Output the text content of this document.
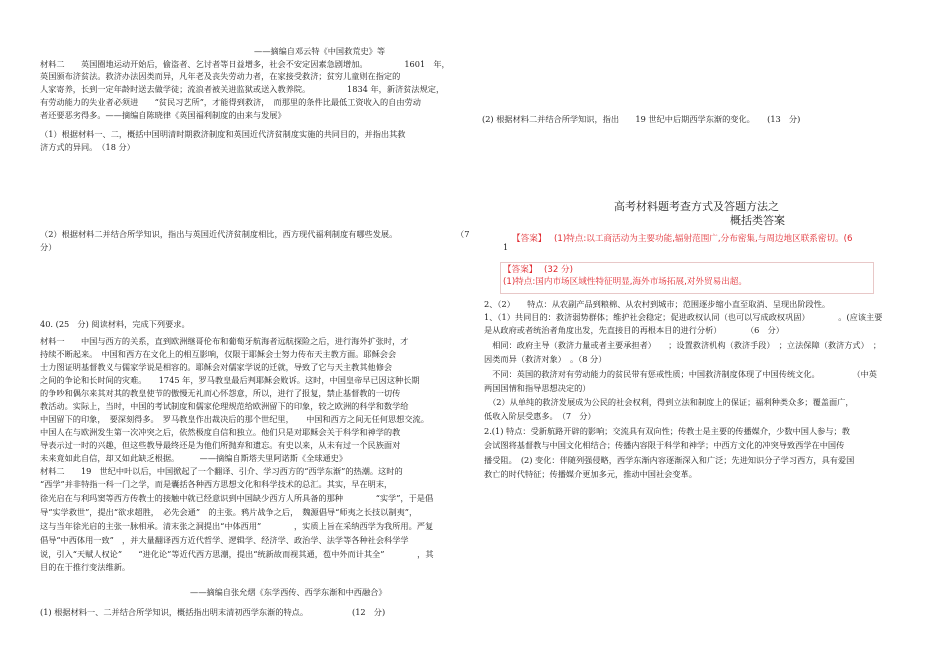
——摘编自邓云特《中国救荒史》等
材料二　　英国圈地运动开始后，偷盗者、乞讨者等日益增多，社会不安定因素急剧增加。　　　　　1601　年，
英国颁布济贫法。救济办法因类而异，凡年老及丧失劳动力者，在家接受救济；贫穷儿童则在指定的
人家寄养，长到一定年龄时送去做学徒；流浪者被关进监狱或送入教养院。　　　　　1834 年，新济贫法规定，
有劳动能力的失业者必须进　　“贫民习艺所”，才能得到救济，　而那里的条件比最低工资收入的自由劳动
者还要恶劣得多。——摘编自陈晓律《英国福利制度的由来与发展》
（1）根据材料一、二，概括中国明清时期救济制度和英国近代济贫制度实施的共同目的，并指出其救
济方式的异同。　（18 分）
（2）根据材料二并结合所学知识，指出与英国近代济贫制度相比，西方现代福利制度有哪些发展。	（7
分）
40. (25　分) 阅读材料，完成下列要求。
材料一　　中国与西方的关系，直到欧洲继哥伦布和葡萄牙航海者远航探险之后，进行海外扩张时，才
持续不断起来。　中国和西方在文化上的相互影响，仅限于耶稣会士努力传布天主教方面。耶稣会会
士力图证明基督教义与儒家学说是相容的。耶稣会对儒家学说的迁就，导致了它与天主教其他修会
之间的争论和长时间的灾难。　　1745 年，罗马教皇最后判耶稣会败诉。这时，中国皇帝早已因这种长期
的争吵和偶尔来其对其的教皇使节的傲慢无礼而心怀怨意，所以，进行了报复，禁止基督教的一切传
教活动。实际上，当时，中国的考试制度和儒家伦理规范给欧洲留下的印象，较之欧洲的科学和数学给
中国留下的印象，　要深刻得多。　罗马教皇作出裁决后的那个世纪里，　　中国和西方之间无任何思想交流。
中国人在与欧洲发生第一次冲突之后，依然极度自信和独立。他们只是对耶稣会关于科学和神学的教
导表示过一时的兴趣，但这些教导最终还是为他们所抛弃和遗忘。有史以来，从未有过一个民族面对
未来竟如此自信，却又如此缺乏根据。　　　——摘编自斯塔夫里阿诺斯《全球通史》
材料二　　19　世纪中叶以后，中国掀起了一个翻译、引介、学习西方的“西学东渐”的热潮。这时的
“西学”并非特指一科一门之学，而是囊括各种西方思想文化和科学技术的总汇。其实，早在明末，
徐光启在与利玛窦等西方传教士的接触中就已经意识到中国缺少西方人所具备的那种　　　　“实学”，于是倡
导“实学救世”，提出“欲求超胜，　必先会通”　的主张。鸦片战争之后，　魏源倡导“师夷之长技以制夷”，
这与当年徐光启的主张一脉相承。清末张之洞提出“中体西用”　　　　，实质上旨在采纳西学为我所用。严复
倡导“中西体用一致”　，并大量翻译西方近代哲学、逻辑学、经济学、政治学、法学等各种社会科学学
说，引入“天赋人权论”　　“进化论”等近代西方思潮，提出“统新故而视其通，苞中外而计其全”　　　　，其
目的在于推行变法维新。
——摘编自张允熠《东学西传、西学东渐和中西融合》
(1) 根据材料一、二并结合所学知识，概括指出明末清初西学东渐的特点。	(12　分)
(2) 根据材料二并结合所学知识，指出　　19 世纪中后期西学东渐的变化。　　(13　分)
高考材料题考查方式及答题方法之
概括类答案
1
【答案】 (1)特点:以工商活动为主要功能,辐射范围广,分布密集,与周边地区联系密切。(6
【答案】 (32 分)
(1)特点:国内市场区域性特征明显,海外市场拓展,对外贸易出超。
2、（2）　　特点：从农副产品到粮棉、从农村到城市；范围逐步缩小直至取消、呈现出阶段性。
1、（1）共同目的：救济弱势群体；维护社会稳定；促进政权认同（也可以写成政权巩固）　　　　。(应该主要
是从政府或者统治者角度出发，先直接目的再根本目的进行分析）　　　　（6　分）
　相同：政府主导（救济力量或者主要承担者）　　；设置救济机构（救济手段）　；立法保障（救济方式）　；
因类而异（救济对象）　。（8 分）
　不同：英国的救济对有劳动能力的贫民带有惩戒性质；中国救济制度体现了中国传统文化。　　　　　（中英
两国国情和指导思想决定的）
　（2）从单纯的救济发展成为公民的社会权利，得到立法和制度上的保证；福利种类众多；覆盖面广，
低收入阶层受惠多。　（7　分）
2.(1) 特点：受新航路开辟的影响；交流具有双向性；传教士是主要的传播媒介，少数中国人参与；教
会试图将基督教与中国文化相结合；传播内容限于科学和神学；中西方文化的冲突导致西学在中国传
播受阻。　(2) 变化：伴随列强侵略，西学东渐内容逐渐深入和广泛；先进知识分子学习西方，具有爱国
救亡的时代特征；传播媒介更加多元，推动中国社会变革。
